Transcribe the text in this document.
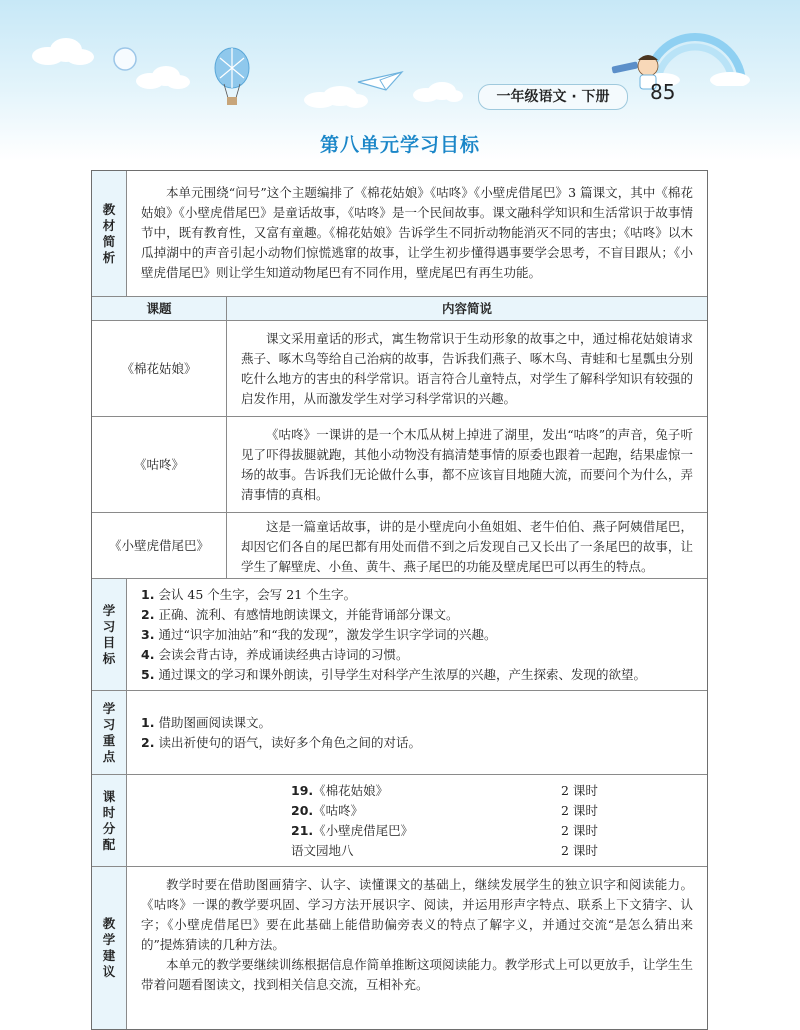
一年级语文 · 下册	85
第八单元学习目标
教材简析

本单元围绕“问号”这个主题编排了《棉花姑娘》《咕咚》《小壁虎借尾巴》3 篇课文，其中《棉花姑娘》《小壁虎借尾巴》是童话故事，《咕咚》是一个民间故事。课文融科学知识和生活常识于故事情节中，既有教育性，又富有童趣。《棉花姑娘》告诉学生不同折动物能消灭不同的害虫；《咕咚》以木瓜掉湖中的声音引起小动物们惊慌逃窜的故事，让学生初步懂得遇事要学会思考，不盲目跟从；《小壁虎借尾巴》则让学生知道动物尾巴有不同作用，壁虎尾巴有再生功能。

课题	内容简说
《棉花姑娘》

课文采用童话的形式，寓生物常识于生动形象的故事之中，通过棉花姑娘请求燕子、啄木鸟等给自己治病的故事，告诉我们燕子、啄木鸟、青蛙和七星瓢虫分别吃什么地方的害虫的科学常识。语言符合儿童特点，对学生了解科学知识有较强的启发作用，从而激发学生对学习科学常识的兴趣。

《咕咚》

《咕咚》一课讲的是一个木瓜从树上掉进了湖里，发出“咕咚”的声音，兔子听见了吓得拔腿就跑，其他小动物没有搞清楚事情的原委也跟着一起跑，结果虚惊一场的故事。告诉我们无论做什么事，都不应该盲目地随大流，而要问个为什么，弄清事情的真相。

《小壁虎借尾巴》

这是一篇童话故事，讲的是小壁虎向小鱼姐姐、老牛伯伯、燕子阿姨借尾巴，却因它们各自的尾巴都有用处而借不到之后发现自己又长出了一条尾巴的故事，让学生了解壁虎、小鱼、黄牛、燕子尾巴的功能及壁虎尾巴可以再生的特点。

学习目标
1. 会认 45 个生字，会写 21 个生字。
2. 正确、流利、有感情地朗读课文，并能背诵部分课文。
3. 通过“识字加油站”和“我的发现”，激发学生识字学词的兴趣。
4. 会读会背古诗，养成诵读经典古诗词的习惯。
5. 通过课文的学习和课外朗读，引导学生对科学产生浓厚的兴趣，产生探索、发现的欲望。
学习重点
1. 借助图画阅读课文。
2. 读出祈使句的语气，读好多个角色之间的对话。
课时分配
19.《棉花姑娘》	2 课时
20.《咕咚》	2 课时
21.《小壁虎借尾巴》	2 课时
语文园地八	2 课时
教学建议

教学时要在借助图画猜字、认字、读懂课文的基础上，继续发展学生的独立识字和阅读能力。《咕咚》一课的教学要巩固、学习方法开展识字、阅读，并运用形声字特点、联系上下文猜字、认字；《小壁虎借尾巴》要在此基础上能借助偏旁表义的特点了解字义，并通过交流“是怎么猜出来的”提炼猜读的几种方法。

本单元的教学要继续训练根据信息作简单推断这项阅读能力。教学形式上可以更放手，让学生生带着问题看图读文，找到相关信息交流，互相补充。
